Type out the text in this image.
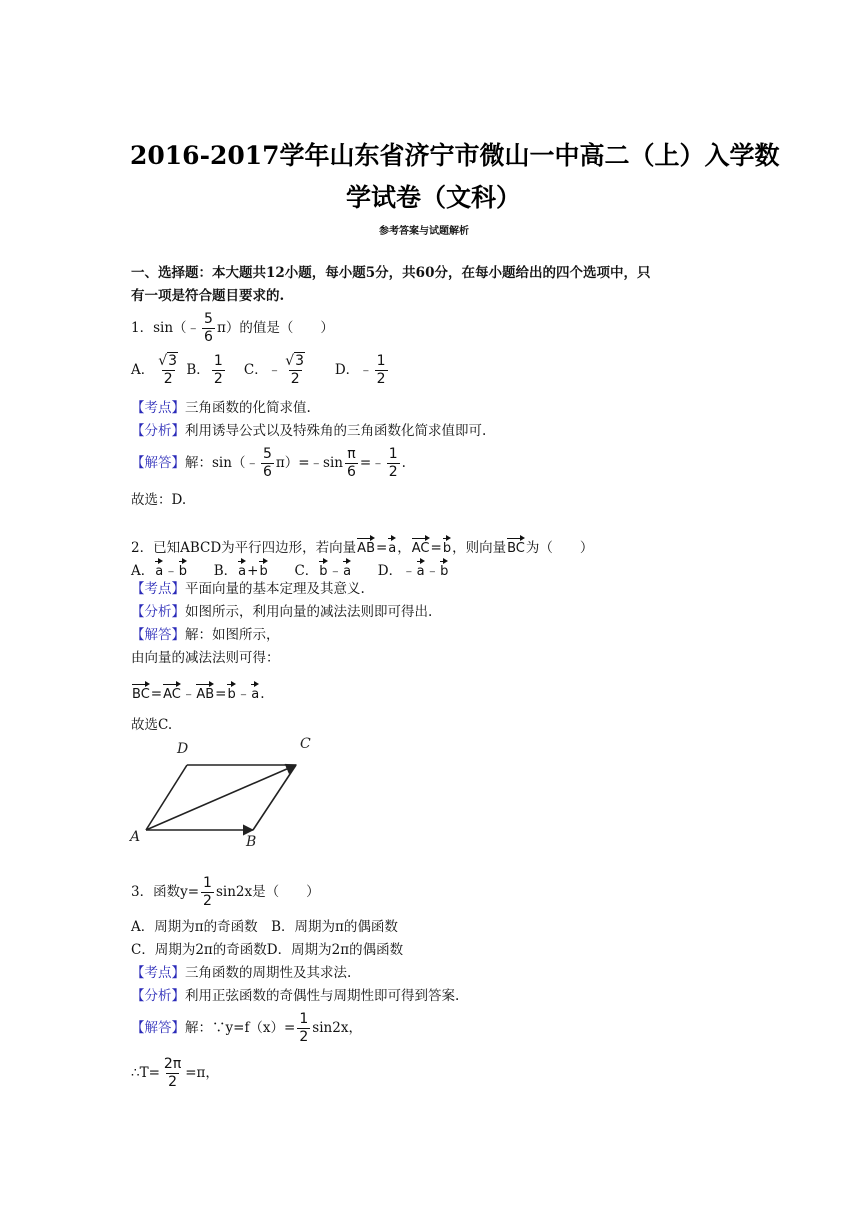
2016-2017学年山东省济宁市微山一中高二（上）入学数
学试卷（文科）
参考答案与试题解析
一、选择题：本大题共12小题，每小题5分，共60分，在每小题给出的四个选项中，只
有一项是符合题目要求的.
1．sin（﹣ $\frac{5}{6} \pi$）的值是（　　）
A． $\frac{√3}{2}$ B． $\frac{1}{2}$ C．﹣ $\frac{√3}{2}$ D．﹣ $\frac{1}{2}$
【考点】三角函数的化简求值.
【分析】利用诱导公式以及特殊角的三角函数化简求值即可.
【解答】解：sin（﹣ $\frac{5}{6}$ π）=﹣sin $\frac{\pi}{6}$ =﹣ $\frac{1}{2}$ .
故选：D.
2．已知ABCD为平行四边形，若向量AB=a，AC=b，则向量BC为（　　）
A．a﹣b B．a+b C．b﹣a D．﹣a﹣b
【考点】平面向量的基本定理及其意义.
【分析】如图所示，利用向量的减法法则即可得出.
【解答】解：如图所示，
由向量的减法法则可得：
BC=AC﹣AB=b﹣a.
故选C.
D	C
A	B
3．函数$y= \frac{1}{2} \sin 2x$是（　　）
A．周期为π的奇函数　B．周期为π的偶函数
C．周期为2π的奇函数D．周期为2π的偶函数
【考点】三角函数的周期性及其求法.
【分析】利用正弦函数的奇偶性与周期性即可得到答案.
【解答】解：∵y=f（x）= $\frac{1}{2} \sin 2x$，
∴T= $\frac{2\pi}{2} =\pi$，
